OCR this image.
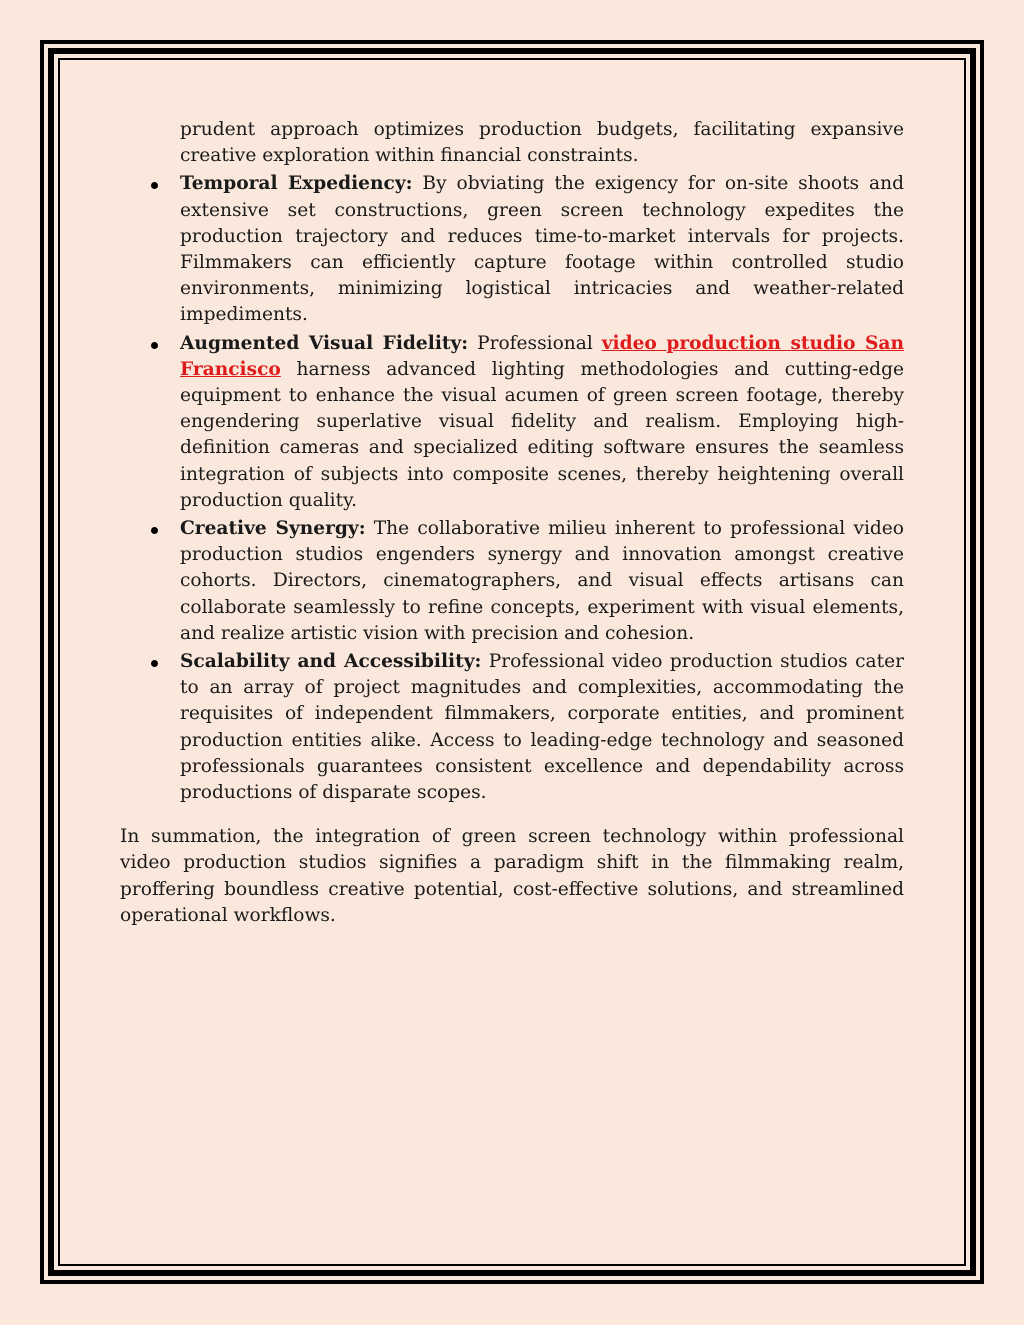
prudent approach optimizes production budgets, facilitating expansive creative exploration within financial constraints.

Temporal Expediency: By obviating the exigency for on-site shoots and extensive set constructions, green screen technology expedites the production trajectory and reduces time-to-market intervals for projects. Filmmakers can efficiently capture footage within controlled studio environments, minimizing logistical intricacies and weather-related impediments.
Augmented Visual Fidelity: Professional video production studio San Francisco harness advanced lighting methodologies and cutting-edge equipment to enhance the visual acumen of green screen footage, thereby engendering superlative visual fidelity and realism. Employing high-definition cameras and specialized editing software ensures the seamless integration of subjects into composite scenes, thereby heightening overall production quality.
Creative Synergy: The collaborative milieu inherent to professional video production studios engenders synergy and innovation amongst creative cohorts. Directors, cinematographers, and visual effects artisans can collaborate seamlessly to refine concepts, experiment with visual elements, and realize artistic vision with precision and cohesion.
Scalability and Accessibility: Professional video production studios cater to an array of project magnitudes and complexities, accommodating the requisites of independent filmmakers, corporate entities, and prominent production entities alike. Access to leading-edge technology and seasoned professionals guarantees consistent excellence and dependability across productions of disparate scopes.

In summation, the integration of green screen technology within professional video production studios signifies a paradigm shift in the filmmaking realm, proffering boundless creative potential, cost-effective solutions, and streamlined operational workflows.
